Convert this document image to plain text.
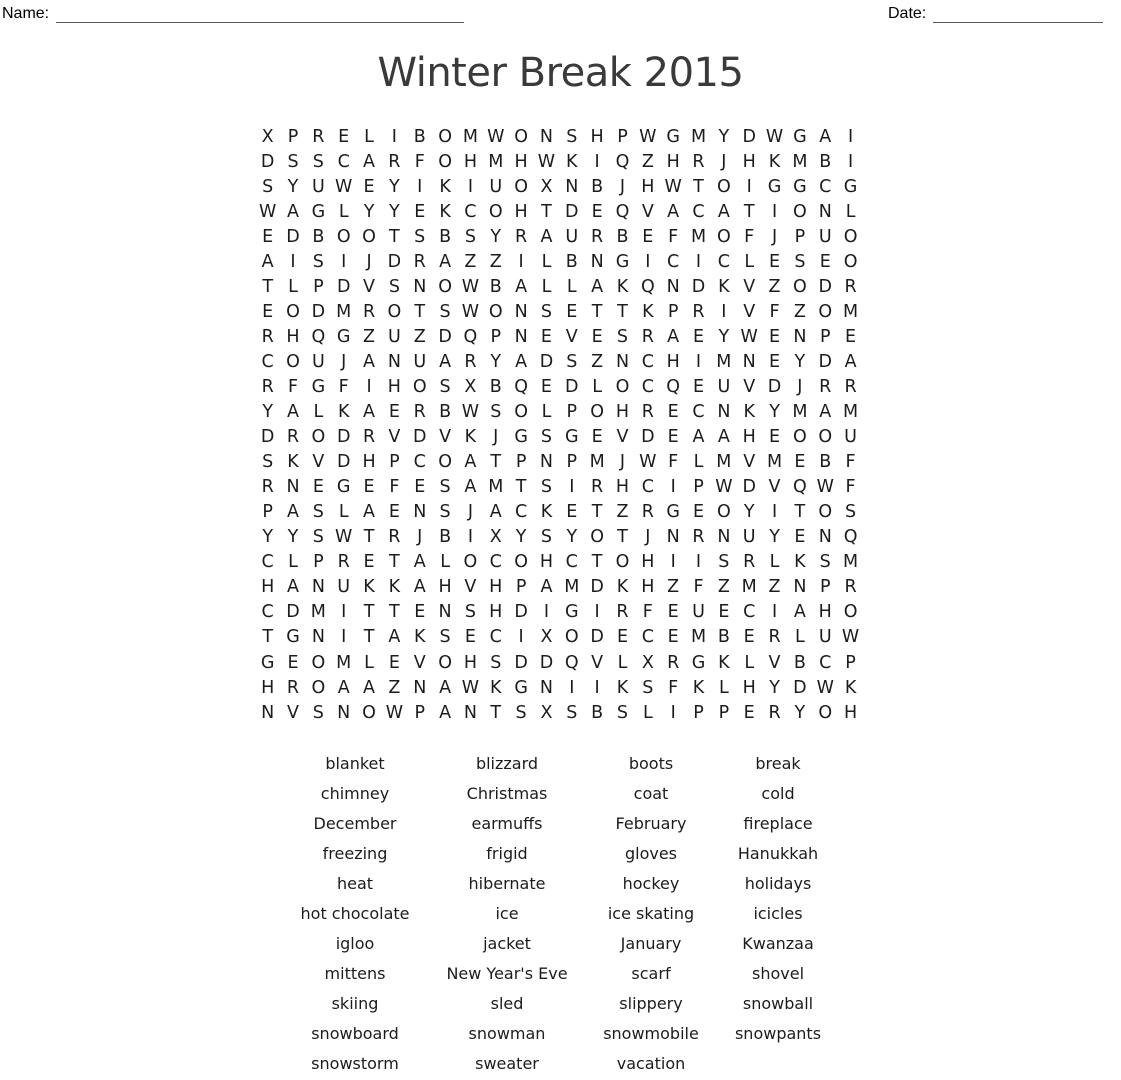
Name:	Date:
Winter Break 2015
X P R E L	I B O M W O N S H P W G M Y D W G A I
D S S C A R F O H M H W K I Q Z H R J H K M B I
S Y U W E Y I K I U O X N B J H W T O I G G C G
W A G L Y Y E K C O H T D E Q V A C A T I O N L
E D B O O T S B S Y R A U R B E F M O F	J P U O
A I S I	J D R A Z Z I	L B N G I C I C L E S E O
T L P D V S N O W B A L L A K Q N D K V Z O D R
E O D M R O T S W O N S E T T K P R I V F Z O M
R H Q G Z U Z D Q P N E V E S R A E Y W E N P E
C O U J A N U A R Y A D S Z N C H I M N E Y D A
R F G F	I H O S X B Q E D L O C Q E U V D J R R
Y A L K A E R B W S O L P O H R E C N K Y M A M
D R O D R V D V K J G S G E V D E A A H E O O U
S K V D H P C O A T P N P M J W F L M V M E B F
R N E G E F E S A M T S I R H C I P W D V Q W F
P A S L A E N S J A C K E T Z R G E O Y I T O S
Y Y S W T R J B I X Y S Y O T J N R N U Y E N Q
C L P R E T A L O C O H C T O H I	I S R L K S M
H A N U K K A H V H P A M D K H Z F Z M Z N P R
C D M I T T E N S H D I G I R F E U E C I A H O
T G N I T A K S E C I X O D E C E M B E R L U W
G E O M L E V O H S D D Q V L X R G K L V B C P
H R O A A Z N A W K G N I	I K S F K L H Y D W K
N V S N O W P A N T S X S B S L	I P P E R Y O H
blanket	blizzard	boots	break
chimney	Christmas	coat	cold
December	earmuffs	February	fireplace
freezing	frigid	gloves	Hanukkah
heat	hibernate	hockey	holidays
hot chocolate	ice	ice skating	icicles
igloo	jacket	January	Kwanzaa
mittens	New Year's Eve	scarf	shovel
skiing	sled	slippery	snowball
snowboard	snowman	snowmobile	snowpants
snowstorm	sweater	vacation
